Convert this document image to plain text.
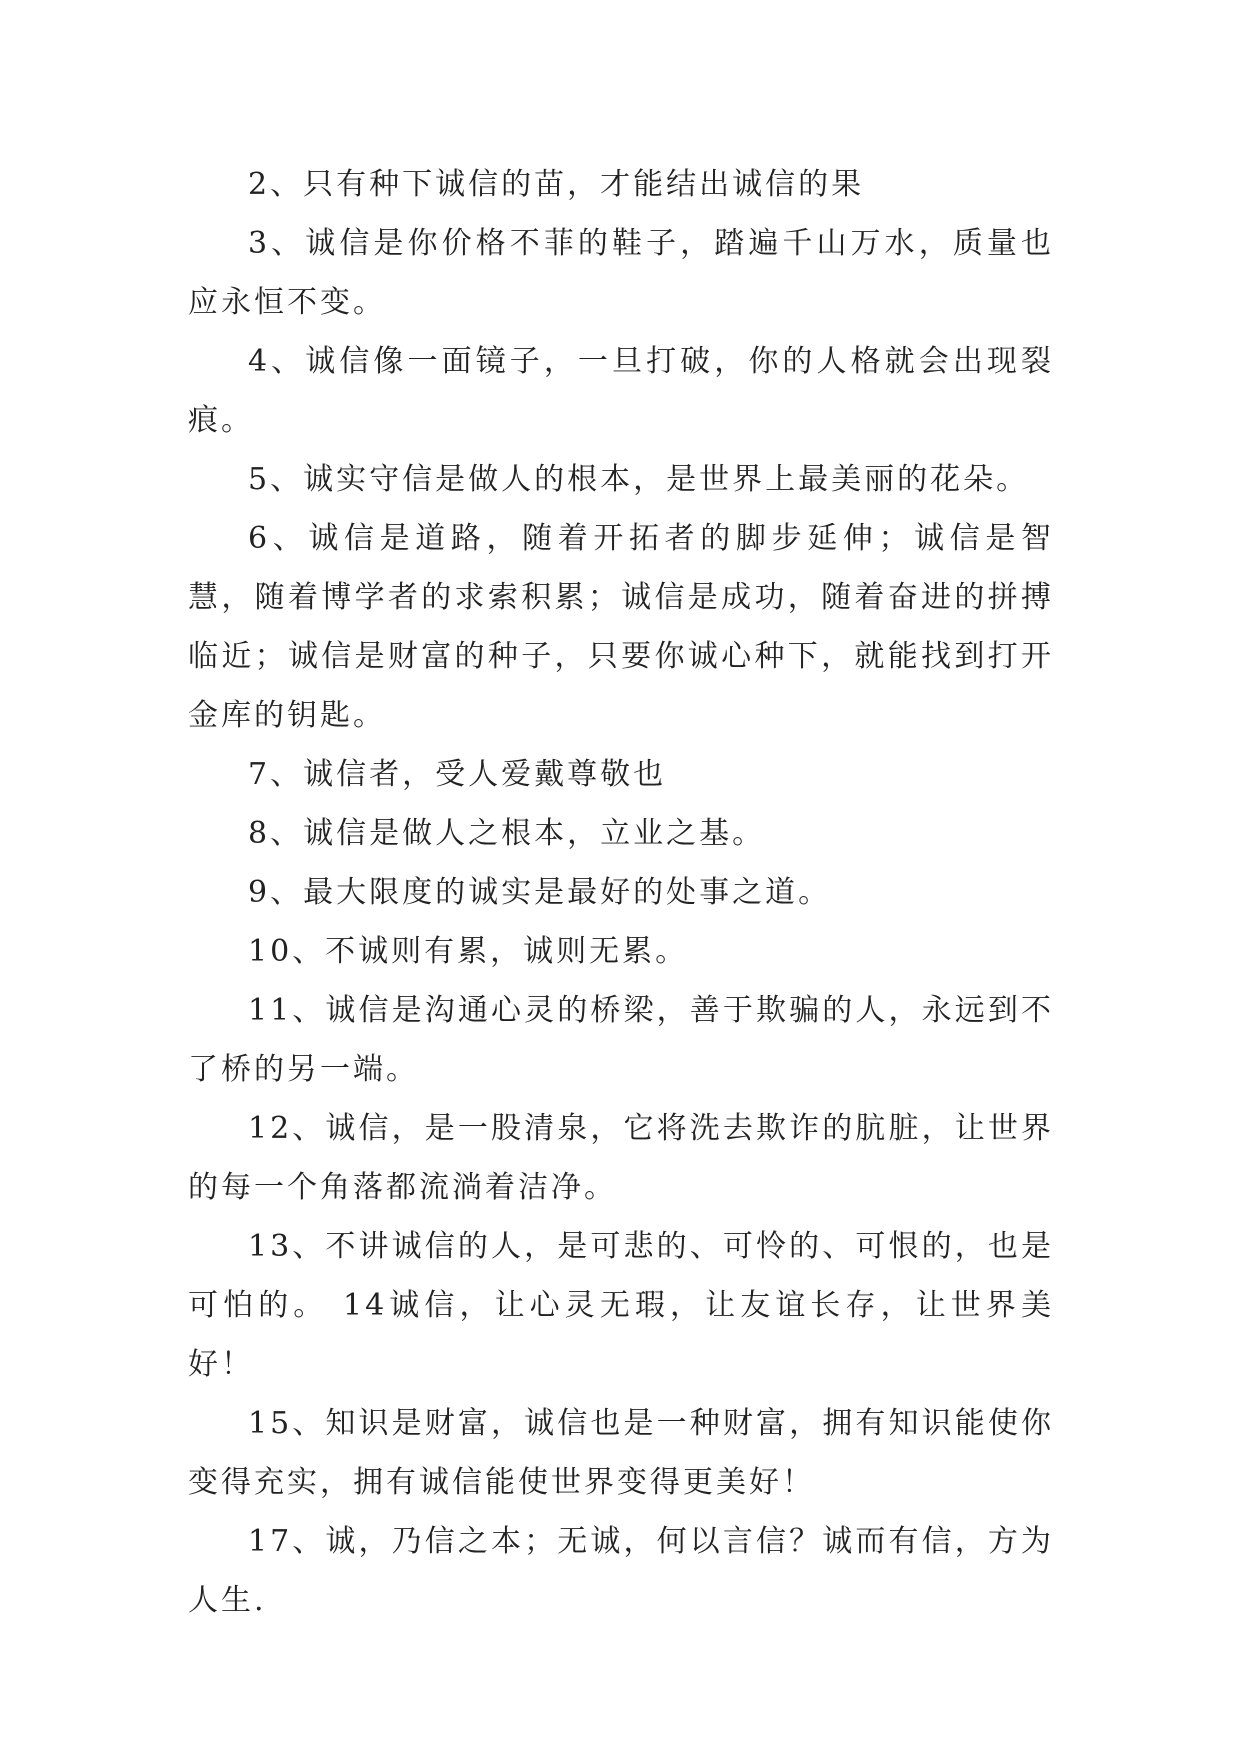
2、只有种下诚信的苗，才能结出诚信的果

3、诚信是你价格不菲的鞋子，踏遍千山万水，质量也应永恒不变。

4、诚信像一面镜子，一旦打破，你的人格就会出现裂痕。

5、诚实守信是做人的根本，是世界上最美丽的花朵。

6、诚信是道路，随着开拓者的脚步延伸；诚信是智慧，随着博学者的求索积累；诚信是成功，随着奋进的拼搏临近；诚信是财富的种子，只要你诚心种下，就能找到打开金库的钥匙。

7、诚信者，受人爱戴尊敬也

8、诚信是做人之根本，立业之基。

9、最大限度的诚实是最好的处事之道。

10、不诚则有累，诚则无累。

11、诚信是沟通心灵的桥梁，善于欺骗的人，永远到不了桥的另一端。

12、诚信，是一股清泉，它将洗去欺诈的肮脏，让世界的每一个角落都流淌着洁净。

13、不讲诚信的人，是可悲的、可怜的、可恨的，也是可怕的。 14诚信，让心灵无瑕，让友谊长存，让世界美好！

15、知识是财富，诚信也是一种财富，拥有知识能使你变得充实，拥有诚信能使世界变得更美好！

17、诚，乃信之本；无诚，何以言信？诚而有信，方为人生.
